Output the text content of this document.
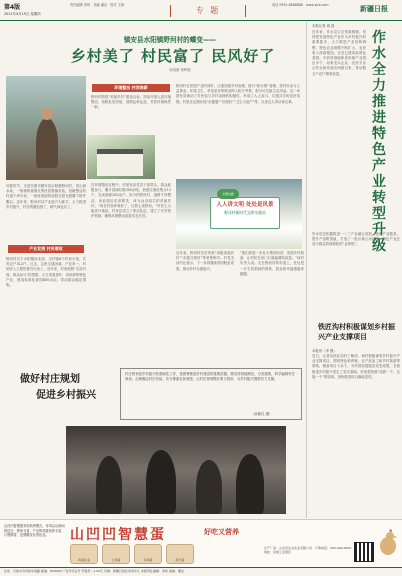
第4版
2021年4月15日 星期四
责任编辑 李炜　美编 潘洁　校对 王婧
专 题
电话 0991-8888888　www.xjrb.com	新疆日报
镇安县水阳镇野河村的蝶变——
乡村美了 村民富了 民风好了
杨成康 杨晖强
环境整治 村容焕新
野河村围绕“美丽乡村”建设目标，持续开展人居环境整治，拆除危旧房屋、清理乱堆乱放，村容村貌焕然一新。
野河村在发展产业的同时，注重加强乡村治理，推行“积分制”管理，将村民参与公益事业、环境卫生、孝老爱亲等情况纳入积分考核，积分可兑换生活用品。这一举措有效调动了村民参与乡村治理的积极性，形成了人人参与、共建共享的良好氛围。村里还定期评选“好婆婆”“好媳妇”“卫生示范户”等，以身边人带动身边事。
文明实践
人人讲文明 处处是风景
野河村新时代文明实践站
初夏时节，走进安康市镇安县水阳镇野河村，青山绿水间，一排排粉墙黛瓦的民居错落有致，宽敞整洁的村道干净平坦，一座座美丽的庭院在阳光照耀下格外醒目。近年来，野河村以产业振兴为抓手，大力推进乡村振兴，村民的腰包鼓了，精气神也足了。
产业发展 村民增收
野河村位于水阳镇西北部，全村辖6个村民小组，共有农户312户。过去，这里交通闭塞，产业单一，村民收入主要依靠外出务工。近年来，村里按照“支部引领、群众参与”的思路，大力发展茶叶、食用菌等特色产业，建成标准化茶园800余亩，带动群众稳定增收。
在环境整治过程中，村里发动党员干部带头，群众积极参与，累计清理垃圾300余吨，新建垃圾收集点12个，完成改厕200余户。如今的野河村，道路干净整洁，房前屋后花草繁茂，成为远近闻名的美丽乡村。“现在村里环境好了，住着心里舒坦。”村民王大姐高兴地说。村里还成立了保洁队伍，建立了长效管护机制，确保环境整治成果常态长效。
近年来，野河村先后荣获“省级美丽乡村”“市级文明村”等荣誉称号。村党支部书记表示，下一步将继续巩固脱贫成果，推动乡村全面振兴。
“我们将进一步壮大集体经济，发展乡村旅游，让村民在家门口就能增收致富。”该村负责人说。走在野河村的村道上，处处是一片生机勃勃的景象，群众的幸福感越来越强。
做好村庄规划
促进乡村振兴
村庄规划是乡村振兴的基础性工作，是统筹推进乡村建设的重要依据。要坚持因地制宜、分类施策，科学编制村庄规划，合理确定村庄布局，充分尊重农民意愿，让村庄规划既好看又管用，为乡村振兴提供有力支撑。
（孙新红 摄）
本报记者 周 凯
近年来，作水县立足资源禀赋，坚持把发展特色产业作为乡村振兴的重要抓手，大力推进产业结构调整，特色农业规模不断扩大，农民收入持续增加。全县已建成标准化茶园、中药材基地和食用菌产业园区多个，培育龙头企业、农民专业合作社和家庭农场数百家，带动数万户农户增收致富。
作水全力推进特色产业转型升级
作水县还积极推进一二三产业融合发展，延伸产业链条，提升产品附加值，打造了一批区域公用品牌，特色产业正成为群众持续增收的“金钥匙”。
铁匠沟村积极谋划乡村振兴产业支撑项目
本报讯（李 强）
近日，记者从铁匠沟村了解到，该村积极谋划乡村振兴产业支撑项目，围绕特色种养殖、农产品加工和乡村旅游等领域，储备项目十余个，为巩固拓展脱贫攻坚成果、全面推进乡村振兴奠定了坚实基础。村里将按照“成熟一个、实施一个”的原则，加快推进项目落地见效。
山凹凹智慧蛋采用散养模式，母鸡以山林间的昆虫、野草为食，产出的鸡蛋营养丰富、口感醇香，是馈赠亲友的佳品。	山凹凹智慧蛋	好吃又营养
鸡蛋礼盒	土鸡蛋	乌鸡蛋	绿壳蛋
生产厂家：山凹凹生态农业有限公司　订购电话：400-000-0000　地址：县城工业园区
社址：乌鲁木齐市新华南路 邮编：830000 广告许可证号 零售价：1.50元 印刷：新疆日报社印务中心 本版责任编辑：李炜 美编：潘洁
